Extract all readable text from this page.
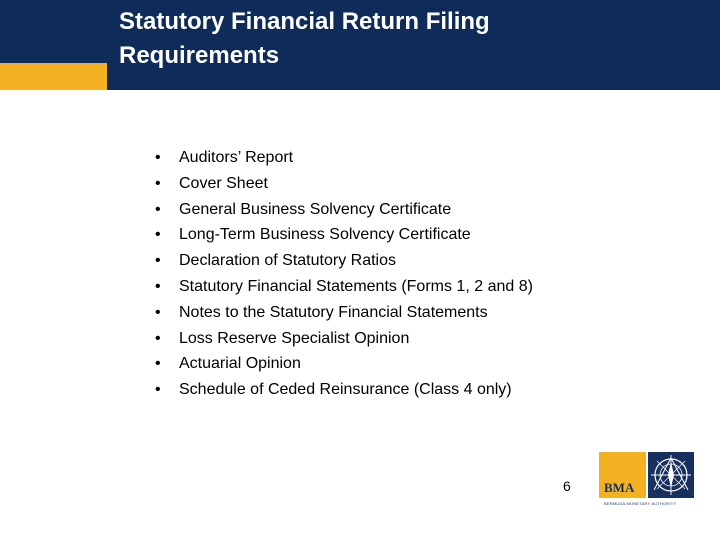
Statutory Financial Return Filing
Requirements
•	Auditors’ Report
•	Cover Sheet
•	General Business Solvency Certificate
•	Long-Term Business Solvency Certificate
•	Declaration of Statutory Ratios
•	Statutory Financial Statements (Forms 1, 2 and 8)
•	Notes to the Statutory Financial Statements
•	Loss Reserve Specialist Opinion
•	Actuarial Opinion
•	Schedule of Ceded Reinsurance (Class 4 only)
6	BMA
BERMUDA MONETARY AUTHORITY
